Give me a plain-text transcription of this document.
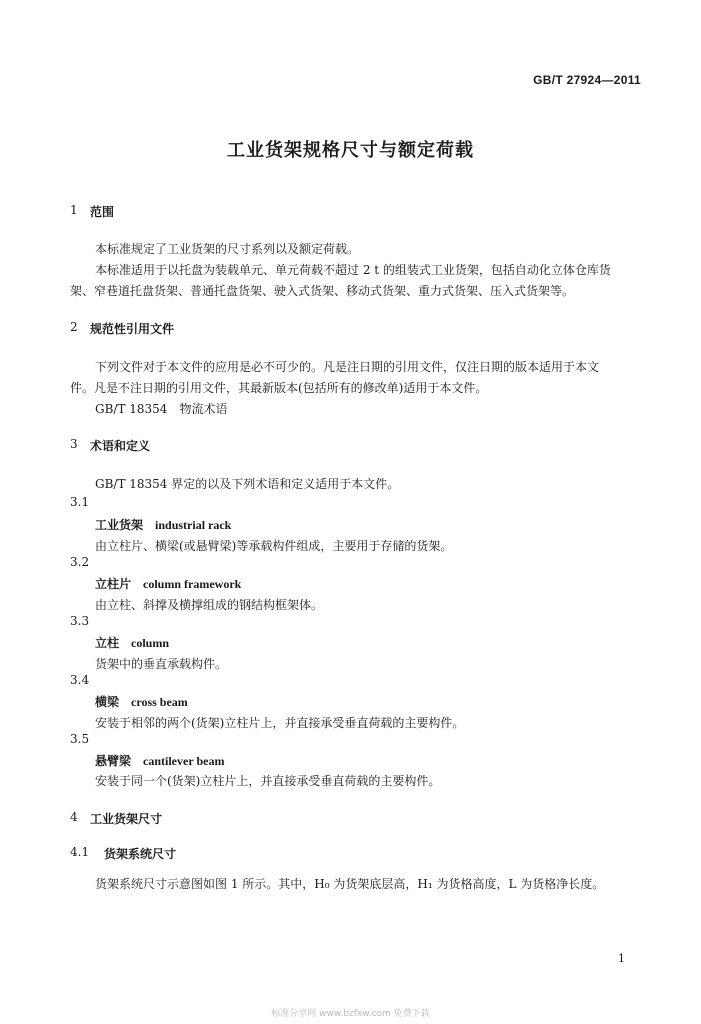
GB/T 27924—2011
工业货架规格尺寸与额定荷载
1 范围
本标准规定了工业货架的尺寸系列以及额定荷载。
本标准适用于以托盘为装载单元、单元荷载不超过 2 t 的组装式工业货架，包括自动化立体仓库货
架、窄巷道托盘货架、普通托盘货架、驶入式货架、移动式货架、重力式货架、压入式货架等。
2 规范性引用文件
下列文件对于本文件的应用是必不可少的。凡是注日期的引用文件，仅注日期的版本适用于本文
件。凡是不注日期的引用文件，其最新版本(包括所有的修改单)适用于本文件。
GB/T 18354　物流术语
3 术语和定义
GB/T 18354 界定的以及下列术语和定义适用于本文件。
3.1
工业货架 industrial rack
由立柱片、横梁(或悬臂梁)等承载构件组成，主要用于存储的货架。
3.2
立柱片 column framework
由立柱、斜撑及横撑组成的钢结构框架体。
3.3
立柱 column
货架中的垂直承载构件。
3.4
横梁 cross beam
安装于相邻的两个(货架)立柱片上，并直接承受垂直荷载的主要构件。
3.5
悬臂梁 cantilever beam
安装于同一个(货架)立柱片上，并直接承受垂直荷载的主要构件。
4 工业货架尺寸
4.1 货架系统尺寸
货架系统尺寸示意图如图 1 所示。其中，H₀ 为货架底层高，H₁ 为货格高度，L 为货格净长度。
1
标准分享网 www.bzfxw.com 免费下载
